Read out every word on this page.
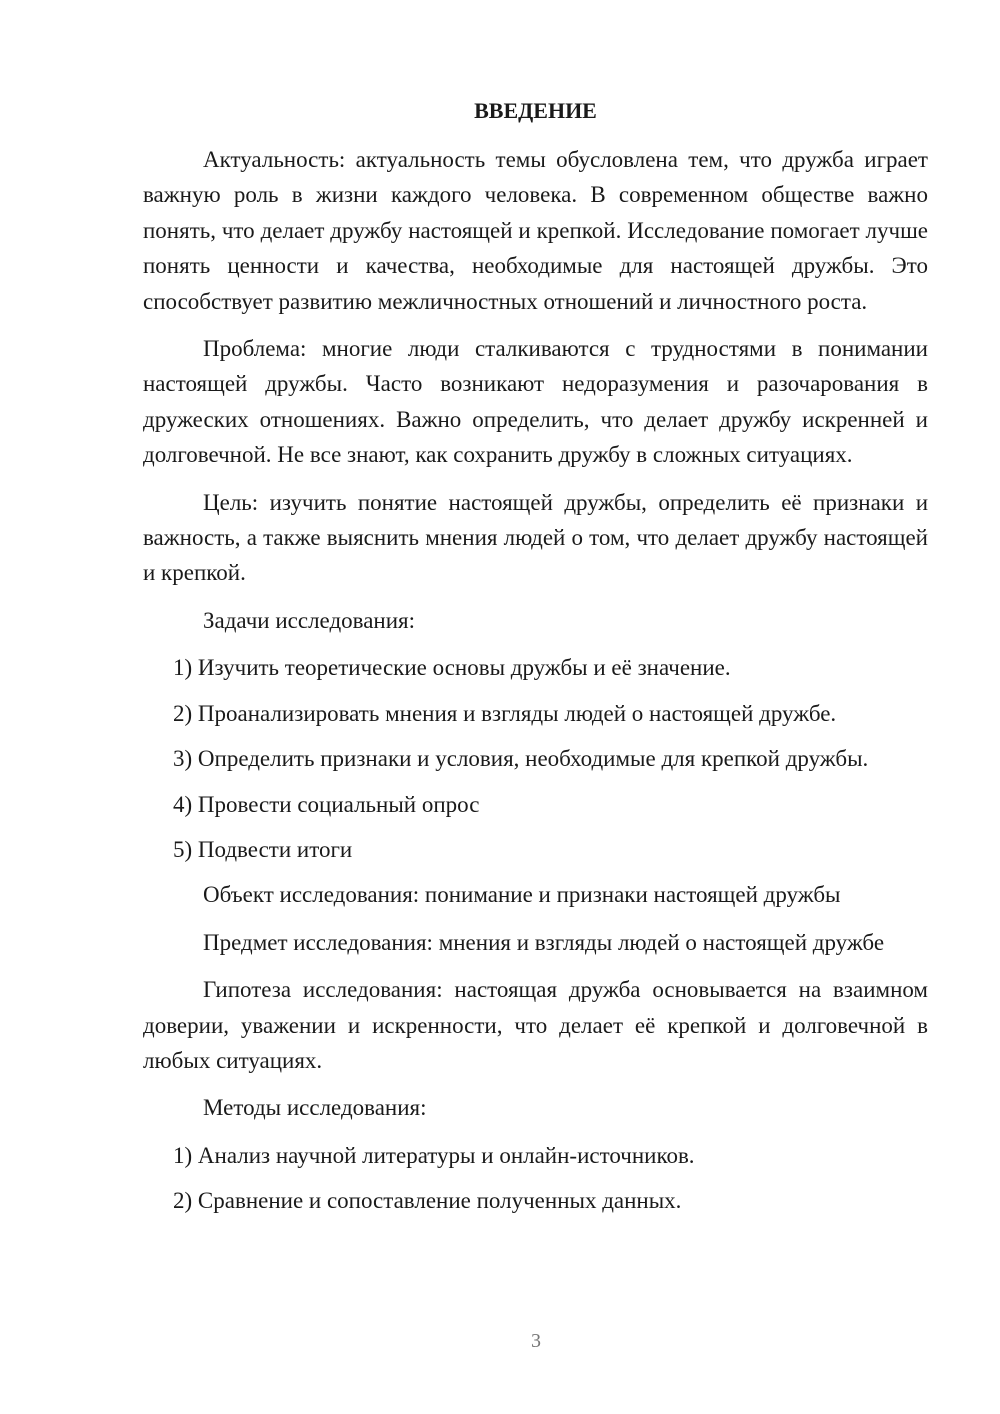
ВВЕДЕНИЕ

Актуальность: актуальность темы обусловлена тем, что дружба играет важную роль в жизни каждого человека. В современном обществе важно понять, что делает дружбу настоящей и крепкой. Исследование помогает лучше понять ценности и качества, необходимые для настоящей дружбы. Это способствует развитию межличностных отношений и личностного роста.

Проблема: многие люди сталкиваются с трудностями в понимании настоящей дружбы. Часто возникают недоразумения и разочарования в дружеских отношениях. Важно определить, что делает дружбу искренней и долговечной. Не все знают, как сохранить дружбу в сложных ситуациях.

Цель: изучить понятие настоящей дружбы, определить её признаки и важность, а также выяснить мнения людей о том, что делает дружбу настоящей и крепкой.

Задачи исследования:

1) Изучить теоретические основы дружбы и её значение.

2) Проанализировать мнения и взгляды людей о настоящей дружбе.

3) Определить признаки и условия, необходимые для крепкой дружбы.

4) Провести социальный опрос

5) Подвести итоги

Объект исследования: понимание и признаки настоящей дружбы

Предмет исследования: мнения и взгляды людей о настоящей дружбе

Гипотеза исследования: настоящая дружба основывается на взаимном доверии, уважении и искренности, что делает её крепкой и долговечной в любых ситуациях.

Методы исследования:

1) Анализ научной литературы и онлайн-источников.

2) Сравнение и сопоставление полученных данных.

3
